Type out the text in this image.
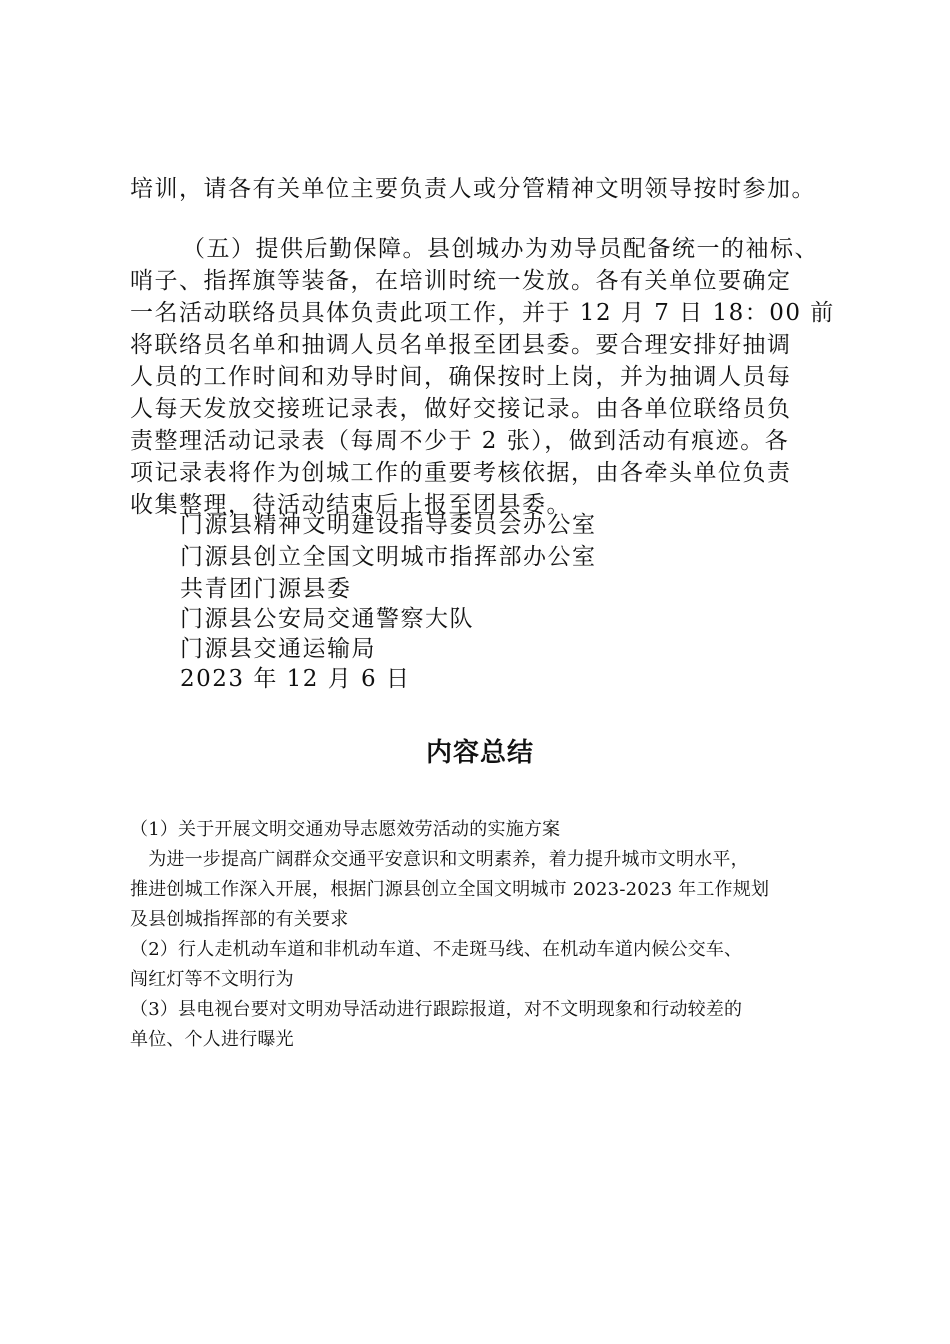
培训，请各有关单位主要负责人或分管精神文明领导按时参加。

（五）提供后勤保障。县创城办为劝导员配备统一的袖标、
哨子、指挥旗等装备，在培训时统一发放。各有关单位要确定
一名活动联络员具体负责此项工作，并于 12 月 7 日 18：00 前
将联络员名单和抽调人员名单报至团县委。要合理安排好抽调
人员的工作时间和劝导时间，确保按时上岗，并为抽调人员每
人每天发放交接班记录表，做好交接记录。由各单位联络员负
责整理活动记录表（每周不少于 2 张），做到活动有痕迹。各
项记录表将作为创城工作的重要考核依据，由各牵头单位负责
收集整理，待活动结束后上报至团县委。

门源县精神文明建设指导委员会办公室

门源县创立全国文明城市指挥部办公室

共青团门源县委

门源县公安局交通警察大队

门源县交通运输局

2023 年 12 月 6 日

内容总结

（1）关于开展文明交通劝导志愿效劳活动的实施方案

　为进一步提高广阔群众交通平安意识和文明素养，着力提升城市文明水平，

推进创城工作深入开展，根据门源县创立全国文明城市 2023-2023 年工作规划

及县创城指挥部的有关要求

（2）行人走机动车道和非机动车道、不走斑马线、在机动车道内候公交车、

闯红灯等不文明行为

（3）县电视台要对文明劝导活动进行跟踪报道，对不文明现象和行动较差的

单位、个人进行曝光
